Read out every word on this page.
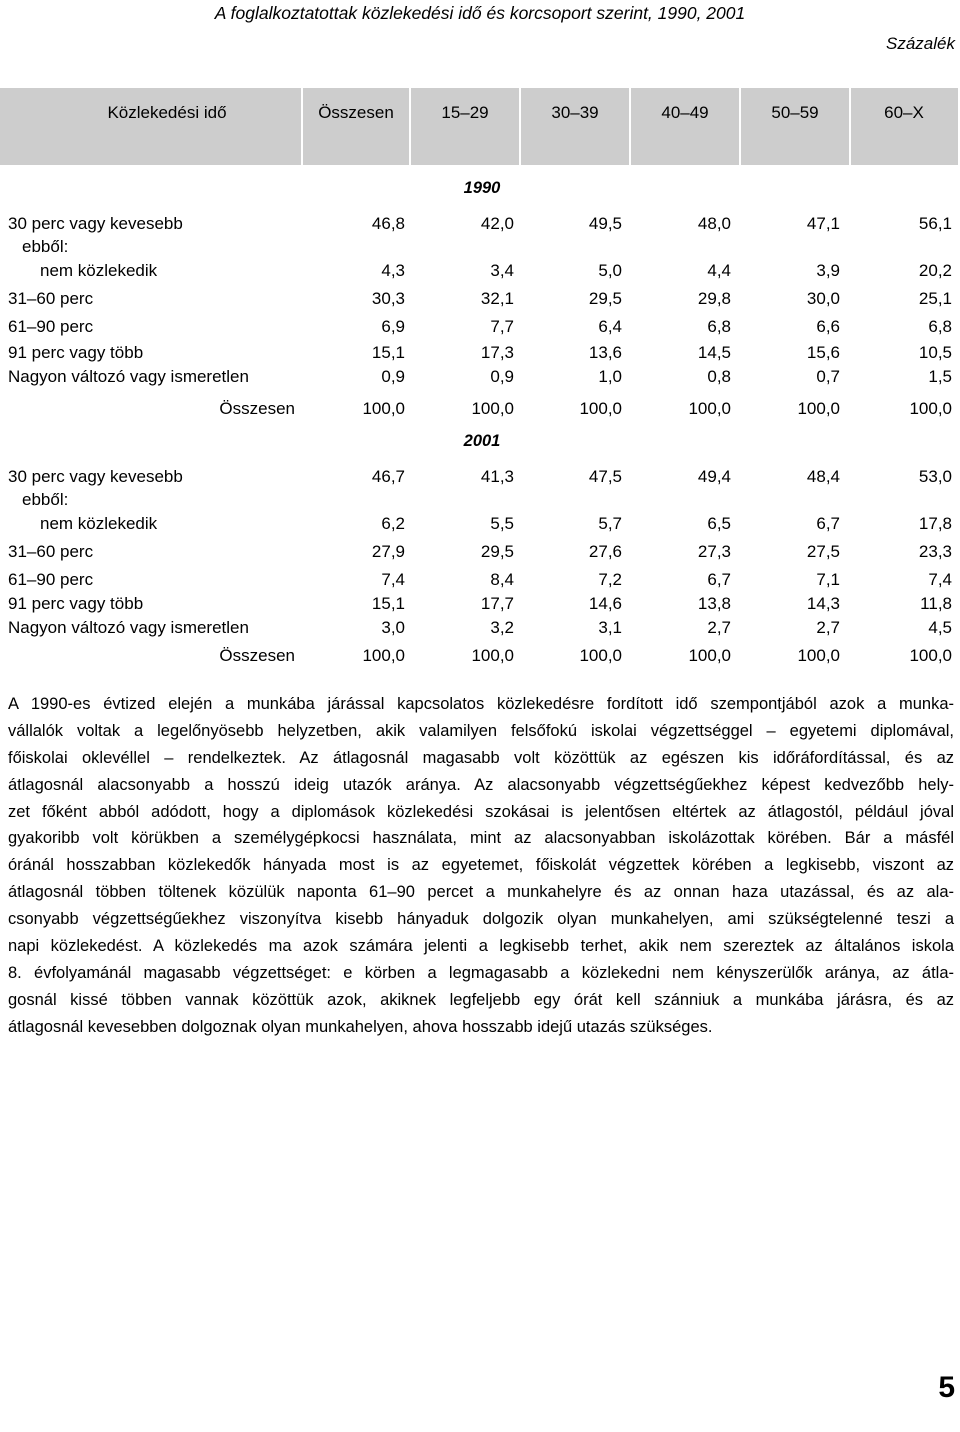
A foglalkoztatottak közlekedési idő és korcsoport szerint, 1990, 2001
Százalék
Közlekedési idő	Összesen	15–29	30–39	40–49	50–59	60–X
1990
30 perc vagy kevesebb	46,8	42,0	49,5	48,0	47,1	56,1
ebből:
nem közlekedik	4,3	3,4	5,0	4,4	3,9	20,2
31–60 perc	30,3	32,1	29,5	29,8	30,0	25,1
61–90 perc	6,9	7,7	6,4	6,8	6,6	6,8
91 perc vagy több	15,1	17,3	13,6	14,5	15,6	10,5
Nagyon változó vagy ismeretlen	0,9	0,9	1,0	0,8	0,7	1,5
Összesen	100,0	100,0	100,0	100,0	100,0	100,0
2001
30 perc vagy kevesebb	46,7	41,3	47,5	49,4	48,4	53,0
ebből:
nem közlekedik	6,2	5,5	5,7	6,5	6,7	17,8
31–60 perc	27,9	29,5	27,6	27,3	27,5	23,3
61–90 perc	7,4	8,4	7,2	6,7	7,1	7,4
91 perc vagy több	15,1	17,7	14,6	13,8	14,3	11,8
Nagyon változó vagy ismeretlen	3,0	3,2	3,1	2,7	2,7	4,5
Összesen	100,0	100,0	100,0	100,0	100,0	100,0
A 1990-es évtized elején a munkába járással kapcsolatos közlekedésre fordított idő szempontjából azok a munka-
vállalók voltak a legelőnyösebb helyzetben, akik valamilyen felsőfokú iskolai végzettséggel – egyetemi diplomával,
főiskolai oklevéllel – rendelkeztek. Az átlagosnál magasabb volt közöttük az egészen kis időráfordítással, és az
átlagosnál alacsonyabb a hosszú ideig utazók aránya. Az alacsonyabb végzettségűekhez képest kedvezőbb hely-
zet főként abból adódott, hogy a diplomások közlekedési szokásai is jelentősen eltértek az átlagostól, például jóval
gyakoribb volt körükben a személygépkocsi használata, mint az alacsonyabban iskolázottak körében. Bár a másfél
óránál hosszabban közlekedők hányada most is az egyetemet, főiskolát végzettek körében a legkisebb, viszont az
átlagosnál többen töltenek közülük naponta 61–90 percet a munkahelyre és az onnan haza utazással, és az ala-
csonyabb végzettségűekhez viszonyítva kisebb hányaduk dolgozik olyan munkahelyen, ami szükségtelenné teszi a
napi közlekedést. A közlekedés ma azok számára jelenti a legkisebb terhet, akik nem szereztek az általános iskola
8. évfolyamánál magasabb végzettséget: e körben a legmagasabb a közlekedni nem kényszerülők aránya, az átla-
gosnál kissé többen vannak közöttük azok, akiknek legfeljebb egy órát kell szánniuk a munkába járásra, és az
átlagosnál kevesebben dolgoznak olyan munkahelyen, ahova hosszabb idejű utazás szükséges.
5
